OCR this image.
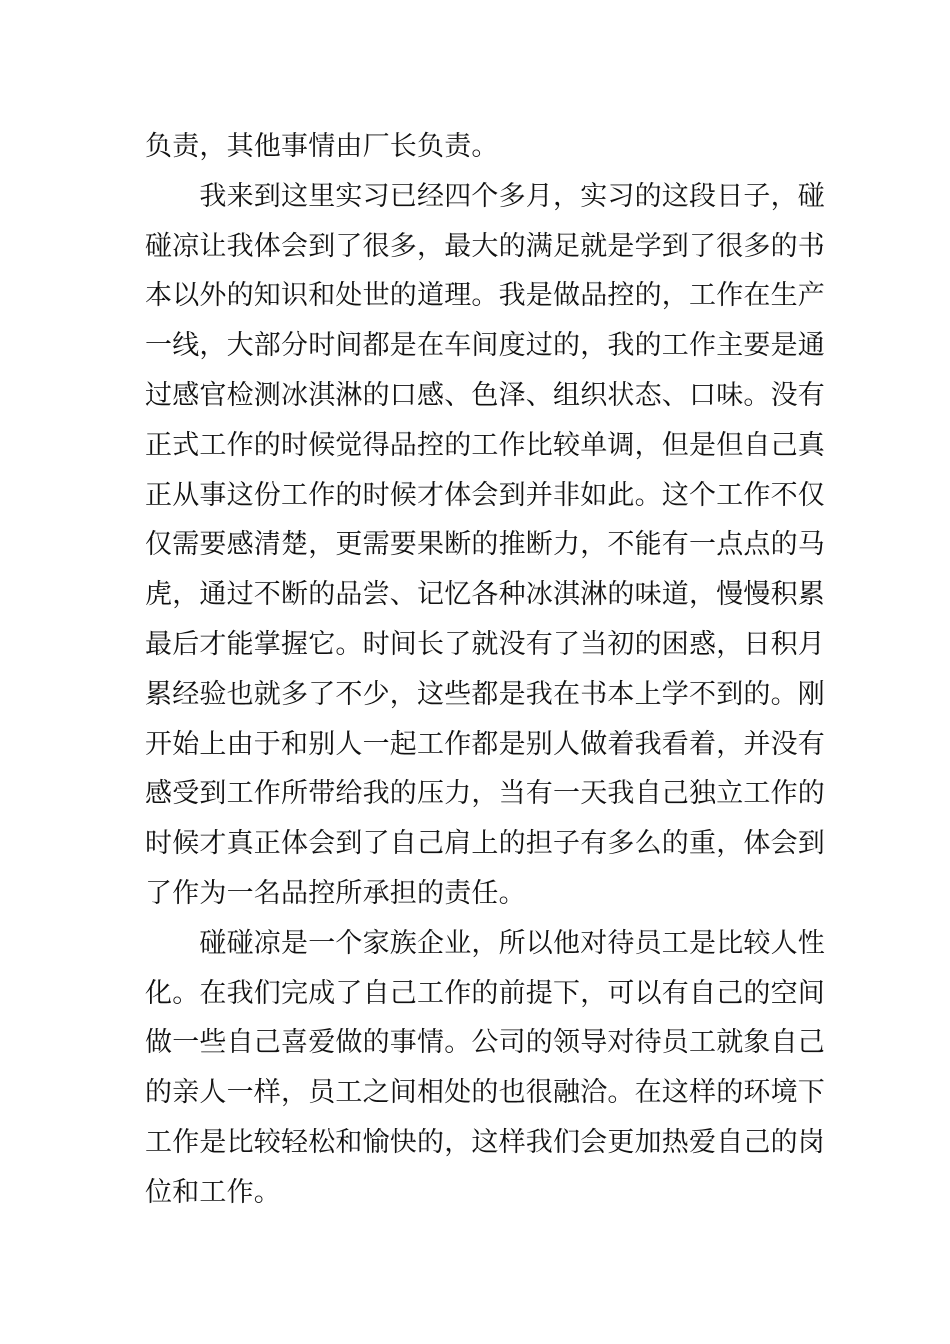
负责，其他事情由厂长负责。
　　我来到这里实习已经四个多月，实习的这段日子，碰
碰凉让我体会到了很多，最大的满足就是学到了很多的书
本以外的知识和处世的道理。我是做品控的，工作在生产
一线，大部分时间都是在车间度过的，我的工作主要是通
过感官检测冰淇淋的口感、色泽、组织状态、口味。没有
正式工作的时候觉得品控的工作比较单调，但是但自己真
正从事这份工作的时候才体会到并非如此。这个工作不仅
仅需要感清楚，更需要果断的推断力，不能有一点点的马
虎，通过不断的品尝、记忆各种冰淇淋的味道，慢慢积累
最后才能掌握它。时间长了就没有了当初的困惑，日积月
累经验也就多了不少，这些都是我在书本上学不到的。刚
开始上由于和别人一起工作都是别人做着我看着，并没有
感受到工作所带给我的压力，当有一天我自己独立工作的
时候才真正体会到了自己肩上的担子有多么的重，体会到
了作为一名品控所承担的责任。
　　碰碰凉是一个家族企业，所以他对待员工是比较人性
化。在我们完成了自己工作的前提下，可以有自己的空间
做一些自己喜爱做的事情。公司的领导对待员工就象自己
的亲人一样，员工之间相处的也很融洽。在这样的环境下
工作是比较轻松和愉快的，这样我们会更加热爱自己的岗
位和工作。
